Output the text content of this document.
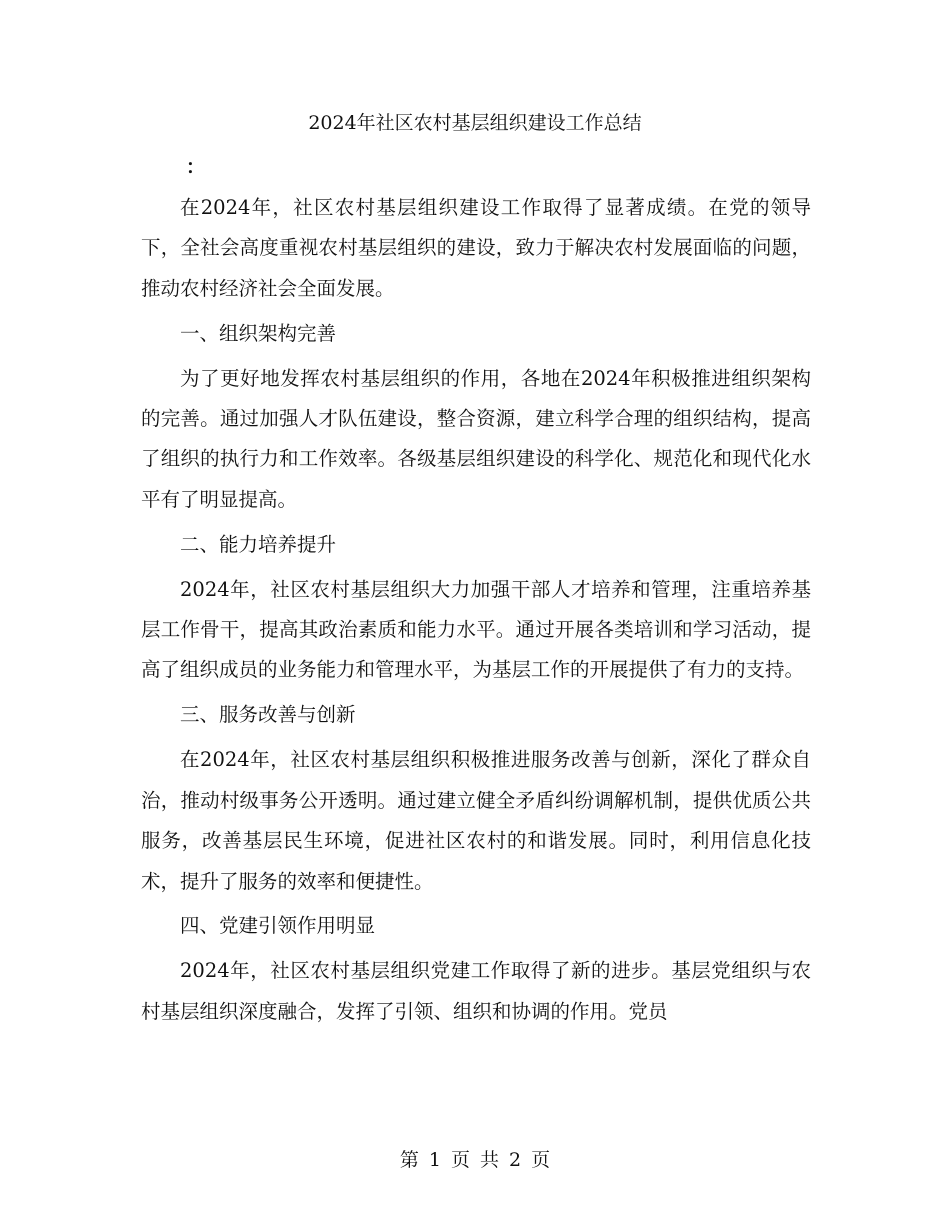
2024年社区农村基层组织建设工作总结
：

在2024年，社区农村基层组织建设工作取得了显著成绩。在党的领导下，全社会高度重视农村基层组织的建设，致力于解决农村发展面临的问题，推动农村经济社会全面发展。

一、组织架构完善

为了更好地发挥农村基层组织的作用，各地在2024年积极推进组织架构的完善。通过加强人才队伍建设，整合资源，建立科学合理的组织结构，提高了组织的执行力和工作效率。各级基层组织建设的科学化、规范化和现代化水平有了明显提高。

二、能力培养提升

2024年，社区农村基层组织大力加强干部人才培养和管理，注重培养基层工作骨干，提高其政治素质和能力水平。通过开展各类培训和学习活动，提高了组织成员的业务能力和管理水平，为基层工作的开展提供了有力的支持。

三、服务改善与创新

在2024年，社区农村基层组织积极推进服务改善与创新，深化了群众自治，推动村级事务公开透明。通过建立健全矛盾纠纷调解机制，提供优质公共服务，改善基层民生环境，促进社区农村的和谐发展。同时，利用信息化技术，提升了服务的效率和便捷性。

四、党建引领作用明显

2024年，社区农村基层组织党建工作取得了新的进步。基层党组织与农村基层组织深度融合，发挥了引领、组织和协调的作用。党员

第 1 页 共 2 页
